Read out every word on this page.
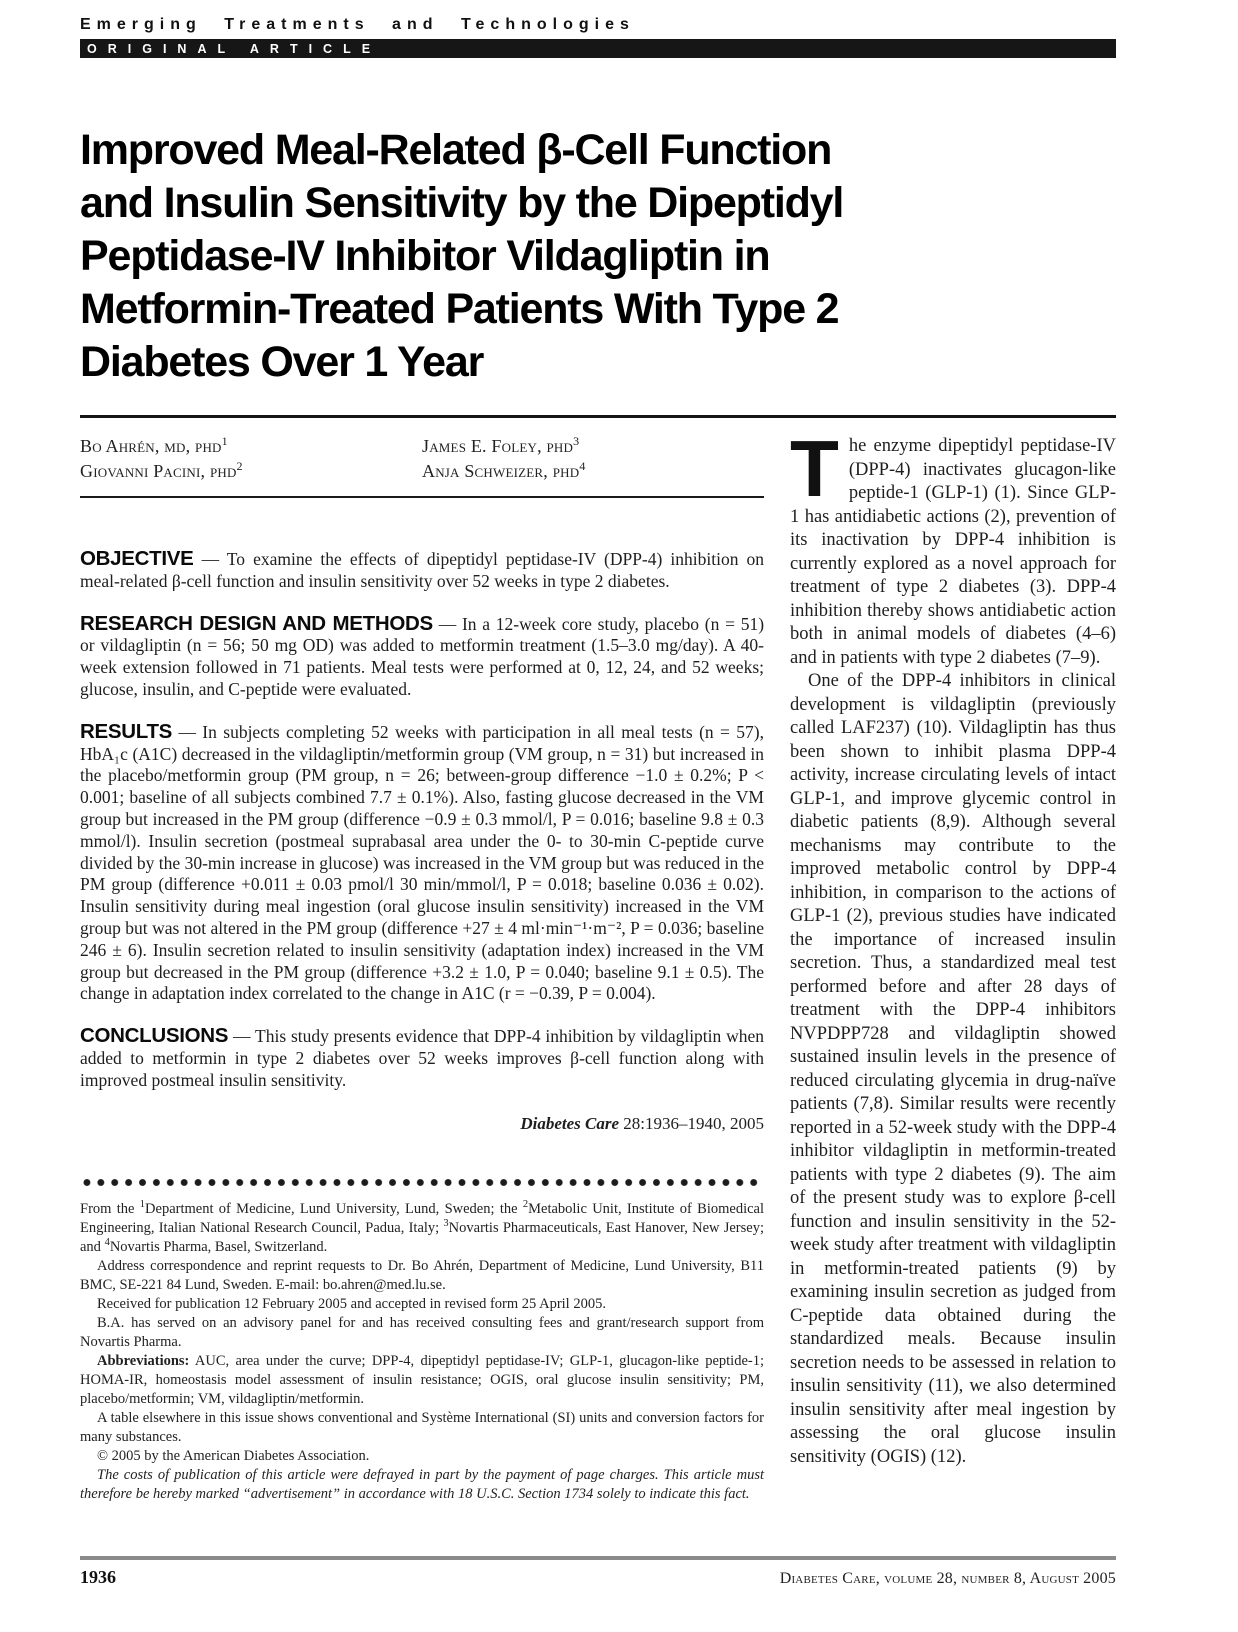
Emerging Treatments and Technologies
ORIGINAL ARTICLE
Improved Meal-Related β-Cell Function
and Insulin Sensitivity by the Dipeptidyl
Peptidase-IV Inhibitor Vildagliptin in
Metformin-Treated Patients With Type 2
Diabetes Over 1 Year
Bo Ahrén, md, phd$^1$
Giovanni Pacini, phd$^2$
James E. Foley, phd$^3$
Anja Schweizer, phd$^4$

OBJECTIVE — To examine the effects of dipeptidyl peptidase-IV (DPP-4) inhibition on meal-related β-cell function and insulin sensitivity over 52 weeks in type 2 diabetes.

RESEARCH DESIGN AND METHODS — In a 12-week core study, placebo (n = 51) or vildagliptin (n = 56; 50 mg OD) was added to metformin treatment (1.5–3.0 mg/day). A 40-week extension followed in 71 patients. Meal tests were performed at 0, 12, 24, and 52 weeks; glucose, insulin, and C-peptide were evaluated.

RESULTS — In subjects completing 52 weeks with participation in all meal tests (n = 57), HbA₁c (A1C) decreased in the vildagliptin/metformin group (VM group, n = 31) but increased in the placebo/metformin group (PM group, n = 26; between-group difference −1.0 ± 0.2%; P < 0.001; baseline of all subjects combined 7.7 ± 0.1%). Also, fasting glucose decreased in the VM group but increased in the PM group (difference −0.9 ± 0.3 mmol/l, P = 0.016; baseline 9.8 ± 0.3 mmol/l). Insulin secretion (postmeal suprabasal area under the 0- to 30-min C-peptide curve divided by the 30-min increase in glucose) was increased in the VM group but was reduced in the PM group (difference +0.011 ± 0.03 pmol/l 30 min/mmol/l, P = 0.018; baseline 0.036 ± 0.02). Insulin sensitivity during meal ingestion (oral glucose insulin sensitivity) increased in the VM group but was not altered in the PM group (difference +27 ± 4 ml·min⁻¹·m⁻², P = 0.036; baseline 246 ± 6). Insulin secretion related to insulin sensitivity (adaptation index) increased in the VM group but decreased in the PM group (difference +3.2 ± 1.0, P = 0.040; baseline 9.1 ± 0.5). The change in adaptation index correlated to the change in A1C (r = −0.39, P = 0.004).

CONCLUSIONS — This study presents evidence that DPP-4 inhibition by vildagliptin when added to metformin in type 2 diabetes over 52 weeks improves β-cell function along with improved postmeal insulin sensitivity.

Diabetes Care 28:1936–1940, 2005

From the $^1$Department of Medicine, Lund University, Lund, Sweden; the $^2$Metabolic Unit, Institute of Biomedical Engineering, Italian National Research Council, Padua, Italy; $^3$Novartis Pharmaceuticals, East Hanover, New Jersey; and $^4$Novartis Pharma, Basel, Switzerland.

Address correspondence and reprint requests to Dr. Bo Ahrén, Department of Medicine, Lund University, B11 BMC, SE-221 84 Lund, Sweden. E-mail: bo.ahren@med.lu.se.

Received for publication 12 February 2005 and accepted in revised form 25 April 2005.

B.A. has served on an advisory panel for and has received consulting fees and grant/research support from Novartis Pharma.

Abbreviations: AUC, area under the curve; DPP-4, dipeptidyl peptidase-IV; GLP-1, glucagon-like peptide-1; HOMA-IR, homeostasis model assessment of insulin resistance; OGIS, oral glucose insulin sensitivity; PM, placebo/metformin; VM, vildagliptin/metformin.

A table elsewhere in this issue shows conventional and Système International (SI) units and conversion factors for many substances.

© 2005 by the American Diabetes Association.

The costs of publication of this article were defrayed in part by the payment of page charges. This article must therefore be hereby marked “advertisement” in accordance with 18 U.S.C. Section 1734 solely to indicate this fact.

The enzyme dipeptidyl peptidase-IV (DPP-4) inactivates glucagon-like peptide-1 (GLP-1) (1). Since GLP-1 has antidiabetic actions (2), prevention of its inactivation by DPP-4 inhibition is currently explored as a novel approach for treatment of type 2 diabetes (3). DPP-4 inhibition thereby shows antidiabetic action both in animal models of diabetes (4–6) and in patients with type 2 diabetes (7–9).

One of the DPP-4 inhibitors in clinical development is vildagliptin (previously called LAF237) (10). Vildagliptin has thus been shown to inhibit plasma DPP-4 activity, increase circulating levels of intact GLP-1, and improve glycemic control in diabetic patients (8,9). Although several mechanisms may contribute to the improved metabolic control by DPP-4 inhibition, in comparison to the actions of GLP-1 (2), previous studies have indicated the importance of increased insulin secretion. Thus, a standardized meal test performed before and after 28 days of treatment with the DPP-4 inhibitors NVPDPP728 and vildagliptin showed sustained insulin levels in the presence of reduced circulating glycemia in drug-naïve patients (7,8). Similar results were recently reported in a 52-week study with the DPP-4 inhibitor vildagliptin in metformin-treated patients with type 2 diabetes (9). The aim of the present study was to explore β-cell function and insulin sensitivity in the 52-week study after treatment with vildagliptin in metformin-treated patients (9) by examining insulin secretion as judged from C-peptide data obtained during the standardized meals. Because insulin secretion needs to be assessed in relation to insulin sensitivity (11), we also determined insulin sensitivity after meal ingestion by assessing the oral glucose insulin sensitivity (OGIS) (12).

1936	Diabetes Care, volume 28, number 8, August 2005
